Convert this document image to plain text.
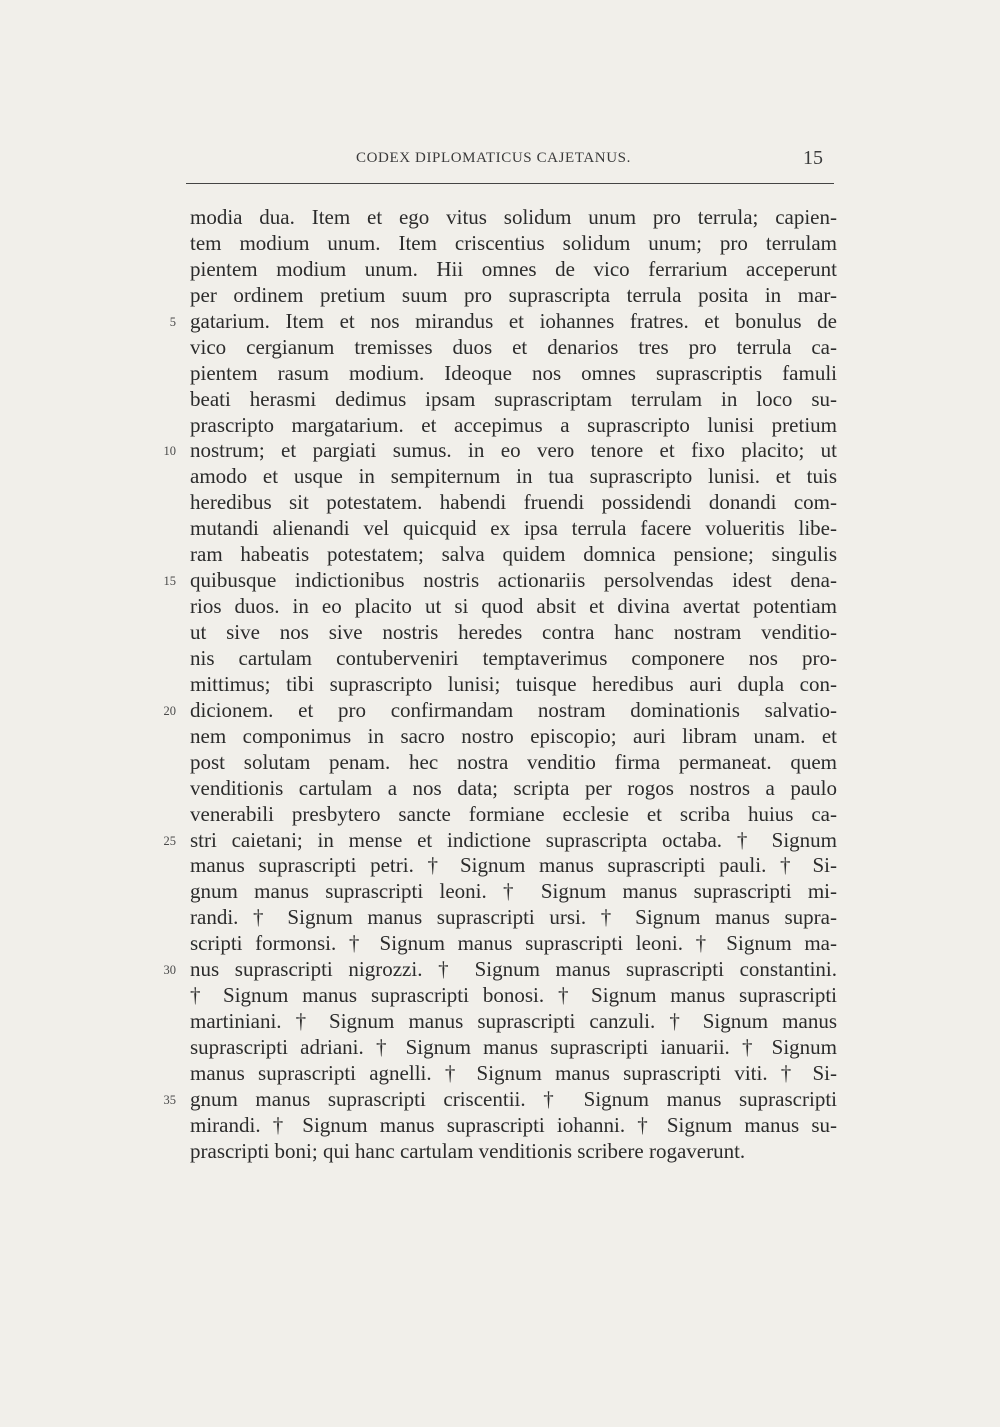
CODEX DIPLOMATICUS CAJETANUS.	15
modia dua. Item et ego vitus solidum unum pro terrula; capien-
tem modium unum. Item criscentius solidum unum; pro terrulam
pientem modium unum. Hii omnes de vico ferrarium acceperunt
per ordinem pretium suum pro suprascripta terrula posita in mar-
5 gatarium. Item et nos mirandus et iohannes fratres. et bonulus de
vico cergianum tremisses duos et denarios tres pro terrula ca-
pientem rasum modium. Ideoque nos omnes suprascriptis famuli
beati herasmi dedimus ipsam suprascriptam terrulam in loco su-
prascripto margatarium. et accepimus a suprascripto lunisi pretium
10 nostrum; et pargiati sumus. in eo vero tenore et fixo placito; ut
amodo et usque in sempiternum in tua suprascripto lunisi. et tuis
heredibus sit potestatem. habendi fruendi possidendi donandi com-
mutandi alienandi vel quicquid ex ipsa terrula facere volueritis libe-
ram habeatis potestatem; salva quidem domnica pensione; singulis
15 quibusque indictionibus nostris actionariis persolvendas idest dena-
rios duos. in eo placito ut si quod absit et divina avertat potentiam
ut sive nos sive nostris heredes contra hanc nostram venditio-
nis cartulam contuberveniri temptaverimus componere nos pro-
mittimus; tibi suprascripto lunisi; tuisque heredibus auri dupla con-
20 dicionem. et pro confirmandam nostram dominationis salvatio-
nem componimus in sacro nostro episcopio; auri libram unam. et
post solutam penam. hec nostra venditio firma permaneat. quem
venditionis cartulam a nos data; scripta per rogos nostros a paulo
venerabili presbytero sancte formiane ecclesie et scriba huius ca-
25 stri caietani; in mense et indictione suprascripta octaba. † Signum
manus suprascripti petri. † Signum manus suprascripti pauli. † Si-
gnum manus suprascripti leoni. † Signum manus suprascripti mi-
randi. † Signum manus suprascripti ursi. † Signum manus supra-
scripti formonsi. † Signum manus suprascripti leoni. † Signum ma-
30 nus suprascripti nigrozzi. † Signum manus suprascripti constantini.
† Signum manus suprascripti bonosi. † Signum manus suprascripti
martiniani. † Signum manus suprascripti canzuli. † Signum manus
suprascripti adriani. † Signum manus suprascripti ianuarii. † Signum
manus suprascripti agnelli. † Signum manus suprascripti viti. † Si-
35 gnum manus suprascripti criscentii. † Signum manus suprascripti
mirandi. † Signum manus suprascripti iohanni. † Signum manus su-
prascripti boni; qui hanc cartulam venditionis scribere rogaverunt.
